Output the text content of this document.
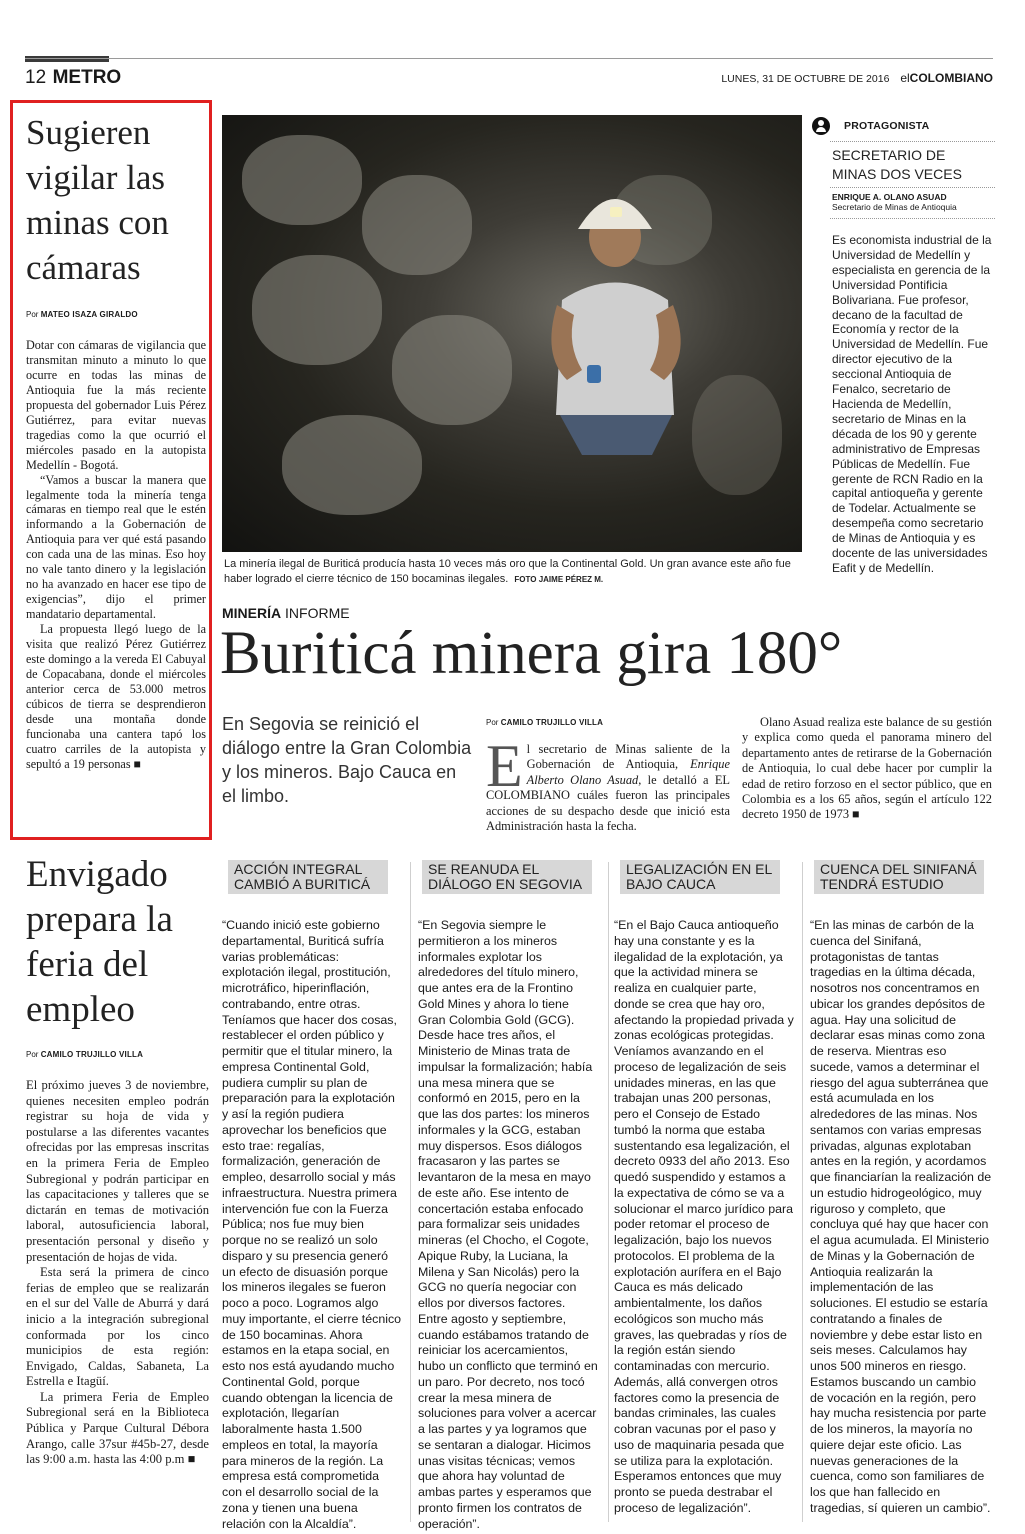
12 METRO	LUNES, 31 DE OCTUBRE DE 2016 elCOLOMBIANO
Sugieren vigilar las minas con cámaras
Por MATEO ISAZA GIRALDO

Dotar con cámaras de vigilancia que transmitan minuto a minuto lo que ocurre en todas las minas de Antioquia fue la más reciente propuesta del gobernador Luis Pérez Gutiérrez, para evitar nuevas tragedias como la que ocurrió el miércoles pasado en la autopista Medellín - Bogotá.

“Vamos a buscar la manera que legalmente toda la minería tenga cámaras en tiempo real que le estén informando a la Gobernación de Antioquia para ver qué está pasando con cada una de las minas. Eso hoy no vale tanto dinero y la legislación no ha avanzado en hacer ese tipo de exigencias”, dijo el primer mandatario departamental.

La propuesta llegó luego de la visita que realizó Pérez Gutiérrez este domingo a la vereda El Cabuyal de Copacabana, donde el miércoles anterior cerca de 53.000 metros cúbicos de tierra se desprendieron desde una montaña donde funcionaba una cantera tapó los cuatro carriles de la autopista y sepultó a 19 personas ■

Envigado prepara la feria del empleo
Por CAMILO TRUJILLO VILLA

El próximo jueves 3 de noviembre, quienes necesiten empleo podrán registrar su hoja de vida y postularse a las diferentes vacantes ofrecidas por las empresas inscritas en la primera Feria de Empleo Subregional y podrán participar en las capacitaciones y talleres que se dictarán en temas de motivación laboral, autosuficiencia laboral, presentación personal y diseño y presentación de hojas de vida.

Esta será la primera de cinco ferias de empleo que se realizarán en el sur del Valle de Aburrá y dará inicio a la integración subregional conformada por los cinco municipios de esta región: Envigado, Caldas, Sabaneta, La Estrella e Itagüí.

La primera Feria de Empleo Subregional será en la Biblioteca Pública y Parque Cultural Débora Arango, calle 37sur #45b-27, desde las 9:00 a.m. hasta las 4:00 p.m ■

La minería ilegal de Buriticá producía hasta 10 veces más oro que la Continental Gold. Un gran avance este año fue haber logrado el cierre técnico de 150 bocaminas ilegales. FOTO JAIME PÉREZ M.

PROTAGONISTA
SECRETARIO DE MINAS DOS VECES
ENRIQUE A. OLANO ASUAD
Secretario de Minas de Antioquia

Es economista industrial de la Universidad de Medellín y especialista en gerencia de la Universidad Pontificia Bolivariana. Fue profesor, decano de la facultad de Economía y rector de la Universidad de Medellín. Fue director ejecutivo de la seccional Antioquia de Fenalco, secretario de Hacienda de Medellín, secretario de Minas en la década de los 90 y gerente administrativo de Empresas Públicas de Medellín. Fue gerente de RCN Radio en la capital antioqueña y gerente de Todelar. Actualmente se desempeña como secretario de Minas de Antioquia y es docente de las universidades Eafit y de Medellín.

MINERÍA INFORME
Buriticá minera gira 180°

En Segovia se reinició el diálogo entre la Gran Colombia y los mineros. Bajo Cauca en el limbo.

Por CAMILO TRUJILLO VILLA
E l secretario de Minas saliente de la Gobernación de Antioquia, Enrique Alberto Olano Asuad, le detalló a EL COLOMBIANO cuáles fueron las principales acciones de su despacho desde que inició esta Administración hasta la fecha.

Olano Asuad realiza este balance de su gestión y explica como queda el panorama minero del departamento antes de retirarse de la Gobernación de Antioquia, lo cual debe hacer por cumplir la edad de retiro forzoso en el sector público, que en Colombia es a los 65 años, según el artículo 122 decreto 1950 de 1973 ■

ACCIÓN INTEGRAL CAMBIÓ A BURITICÁ

“Cuando inició este gobierno departamental, Buriticá sufría varias problemáticas: explotación ilegal, prostitución, microtráfico, hiperinflación, contrabando, entre otras. Teníamos que hacer dos cosas, restablecer el orden público y permitir que el titular minero, la empresa Continental Gold, pudiera cumplir su plan de preparación para la explotación y así la región pudiera aprovechar los beneficios que esto trae: regalías, formalización, generación de empleo, desarrollo social y más infraestructura. Nuestra primera intervención fue con la Fuerza Pública; nos fue muy bien porque no se realizó un solo disparo y su presencia generó un efecto de disuasión porque los mineros ilegales se fueron poco a poco. Logramos algo muy importante, el cierre técnico de 150 bocaminas. Ahora estamos en la etapa social, en esto nos está ayudando mucho Continental Gold, porque cuando obtengan la licencia de explotación, llegarían laboralmente hasta 1.500 empleos en total, la mayoría para mineros de la región. La empresa está comprometida con el desarrollo social de la zona y tienen una buena relación con la Alcaldía”.

SE REANUDA EL DIÁLOGO EN SEGOVIA

“En Segovia siempre le permitieron a los mineros informales explotar los alrededores del título minero, que antes era de la Frontino Gold Mines y ahora lo tiene Gran Colombia Gold (GCG). Desde hace tres años, el Ministerio de Minas trata de impulsar la formalización; había una mesa minera que se conformó en 2015, pero en la que las dos partes: los mineros informales y la GCG, estaban muy dispersos. Esos diálogos fracasaron y las partes se levantaron de la mesa en mayo de este año. Ese intento de concertación estaba enfocado para formalizar seis unidades mineras (el Chocho, el Cogote, Apique Ruby, la Luciana, la Milena y San Nicolás) pero la GCG no quería negociar con ellos por diversos factores. Entre agosto y septiembre, cuando estábamos tratando de reiniciar los acercamientos, hubo un conflicto que terminó en un paro. Por decreto, nos tocó crear la mesa minera de soluciones para volver a acercar a las partes y ya logramos que se sentaran a dialogar. Hicimos unas visitas técnicas; vemos que ahora hay voluntad de ambas partes y esperamos que pronto firmen los contratos de operación”.

LEGALIZACIÓN EN EL BAJO CAUCA

“En el Bajo Cauca antioqueño hay una constante y es la ilegalidad de la explotación, ya que la actividad minera se realiza en cualquier parte, donde se crea que hay oro, afectando la propiedad privada y zonas ecológicas protegidas. Veníamos avanzando en el proceso de legalización de seis unidades mineras, en las que trabajan unas 200 personas, pero el Consejo de Estado tumbó la norma que estaba sustentando esa legalización, el decreto 0933 del año 2013. Eso quedó suspendido y estamos a la expectativa de cómo se va a solucionar el marco jurídico para poder retomar el proceso de legalización, bajo los nuevos protocolos. El problema de la explotación aurífera en el Bajo Cauca es más delicado ambientalmente, los daños ecológicos son mucho más graves, las quebradas y ríos de la región están siendo contaminadas con mercurio. Además, allá convergen otros factores como la presencia de bandas criminales, las cuales cobran vacunas por el paso y uso de maquinaria pesada que se utiliza para la explotación. Esperamos entonces que muy pronto se pueda destrabar el proceso de legalización”.

CUENCA DEL SINIFANÁ TENDRÁ ESTUDIO

“En las minas de carbón de la cuenca del Sinifaná, protagonistas de tantas tragedias en la última década, nosotros nos concentramos en ubicar los grandes depósitos de agua. Hay una solicitud de declarar esas minas como zona de reserva. Mientras eso sucede, vamos a determinar el riesgo del agua subterránea que está acumulada en los alrededores de las minas. Nos sentamos con varias empresas privadas, algunas explotaban antes en la región, y acordamos que financiarían la realización de un estudio hidrogeológico, muy riguroso y completo, que concluya qué hay que hacer con el agua acumulada. El Ministerio de Minas y la Gobernación de Antioquia realizarán la implementación de las soluciones. El estudio se estaría contratando a finales de noviembre y debe estar listo en seis meses. Calculamos hay unos 500 mineros en riesgo. Estamos buscando un cambio de vocación en la región, pero hay mucha resistencia por parte de los mineros, la mayoría no quiere dejar este oficio. Las nuevas generaciones de la cuenca, como son familiares de los que han fallecido en tragedias, sí quieren un cambio”.
